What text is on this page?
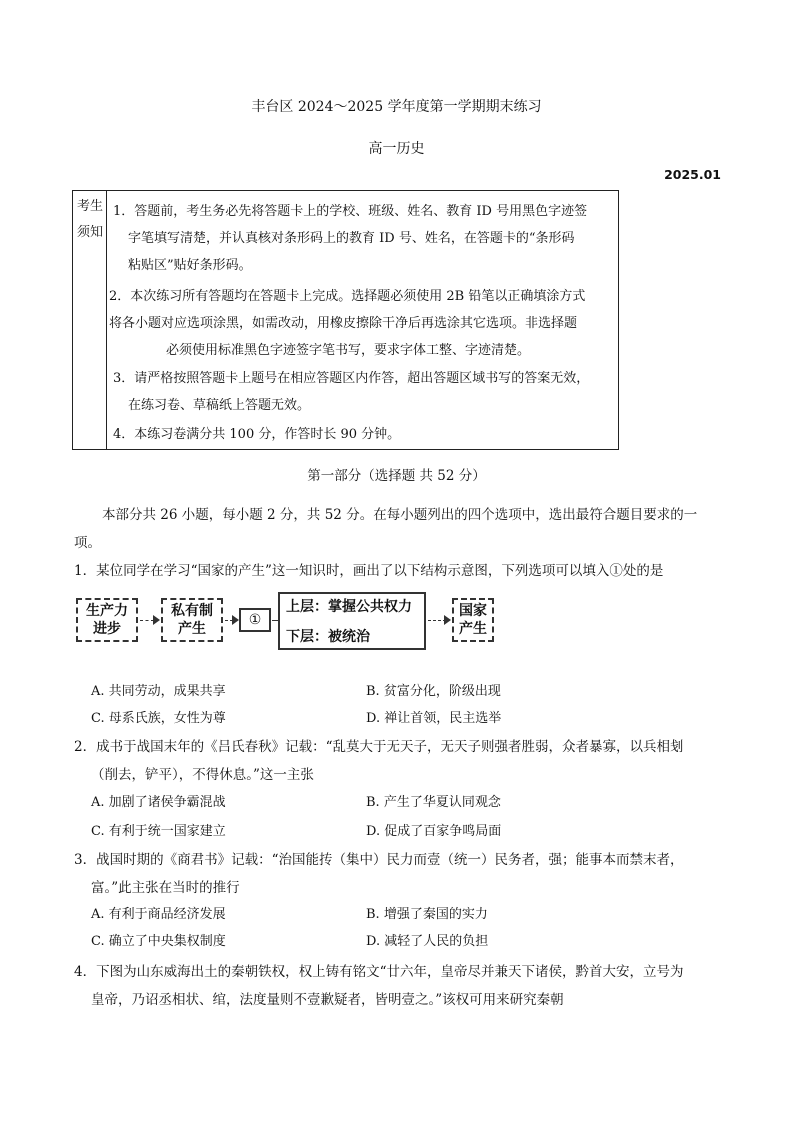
丰台区 2024～2025 学年度第一学期期末练习
高一历史
2025.01
考生
须知
1．答题前，考生务必先将答题卡上的学校、班级、姓名、教育 ID 号用黑色字迹签
字笔填写清楚，并认真核对条形码上的教育 ID 号、姓名，在答题卡的“条形码
粘贴区”贴好条形码。
2．本次练习所有答题均在答题卡上完成。选择题必须使用 2B 铅笔以正确填涂方式
将各小题对应选项涂黑，如需改动，用橡皮擦除干净后再选涂其它选项。非选择题
必须使用标准黑色字迹签字笔书写，要求字体工整、字迹清楚。
3．请严格按照答题卡上题号在相应答题区内作答，超出答题区域书写的答案无效，
在练习卷、草稿纸上答题无效。
4．本练习卷满分共 100 分，作答时长 90 分钟。
第一部分（选择题 共 52 分）
本部分共 26 小题，每小题 2 分，共 52 分。在每小题列出的四个选项中，选出最符合题目要求的一
项。
1．某位同学在学习“国家的产生”这一知识时，画出了以下结构示意图，下列选项可以填入①处的是
生产力
进步
私有制
产生
①
上层：掌握公共权力
下层：被统治
国家
产生
A. 共同劳动，成果共享	B. 贫富分化，阶级出现
C. 母系氏族，女性为尊	D. 禅让首领，民主选举
2．成书于战国末年的《吕氏春秋》记载：“乱莫大于无天子，无天子则强者胜弱，众者暴寡，以兵相刬
（削去，铲平），不得休息。”这一主张
A. 加剧了诸侯争霸混战	B. 产生了华夏认同观念
C. 有利于统一国家建立	D. 促成了百家争鸣局面
3．战国时期的《商君书》记载：“治国能抟（集中）民力而壹（统一）民务者，强；能事本而禁末者，
富。”此主张在当时的推行
A. 有利于商品经济发展	B. 增强了秦国的实力
C. 确立了中央集权制度	D. 减轻了人民的负担
4．下图为山东威海出土的秦朝铁权，权上铸有铭文“廿六年，皇帝尽并兼天下诸侯，黔首大安，立号为
皇帝，乃诏丞相状、绾，法度量则不壹歉疑者，皆明壹之。”该权可用来研究秦朝
